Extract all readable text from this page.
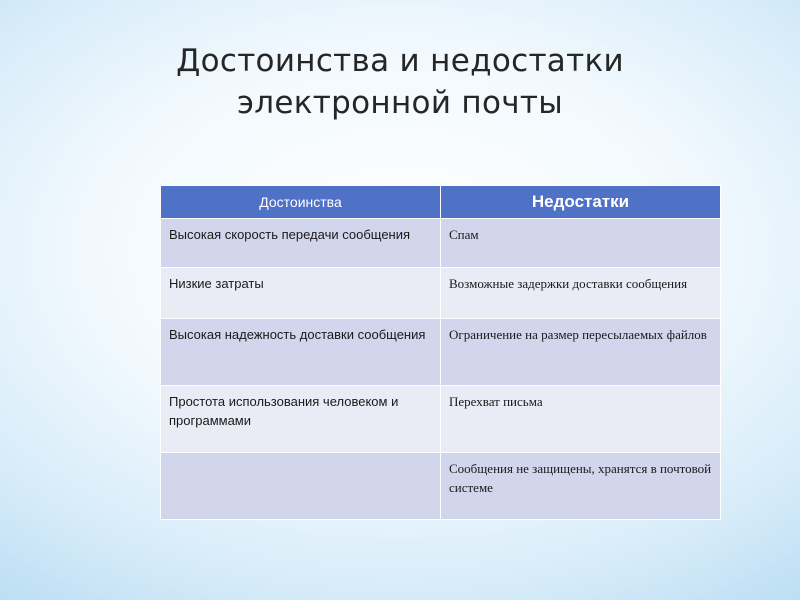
Достоинства и недостатки
электронной почты
Достоинства	Недостатки
Высокая скорость передачи сообщения	Спам
Низкие затраты	Возможные задержки доставки сообщения
Высокая надежность доставки сообщения	Ограничение на размер пересылаемых файлов
Простота использования человеком и программами	Перехват письма
	Сообщения не защищены, хранятся в почтовой системе
